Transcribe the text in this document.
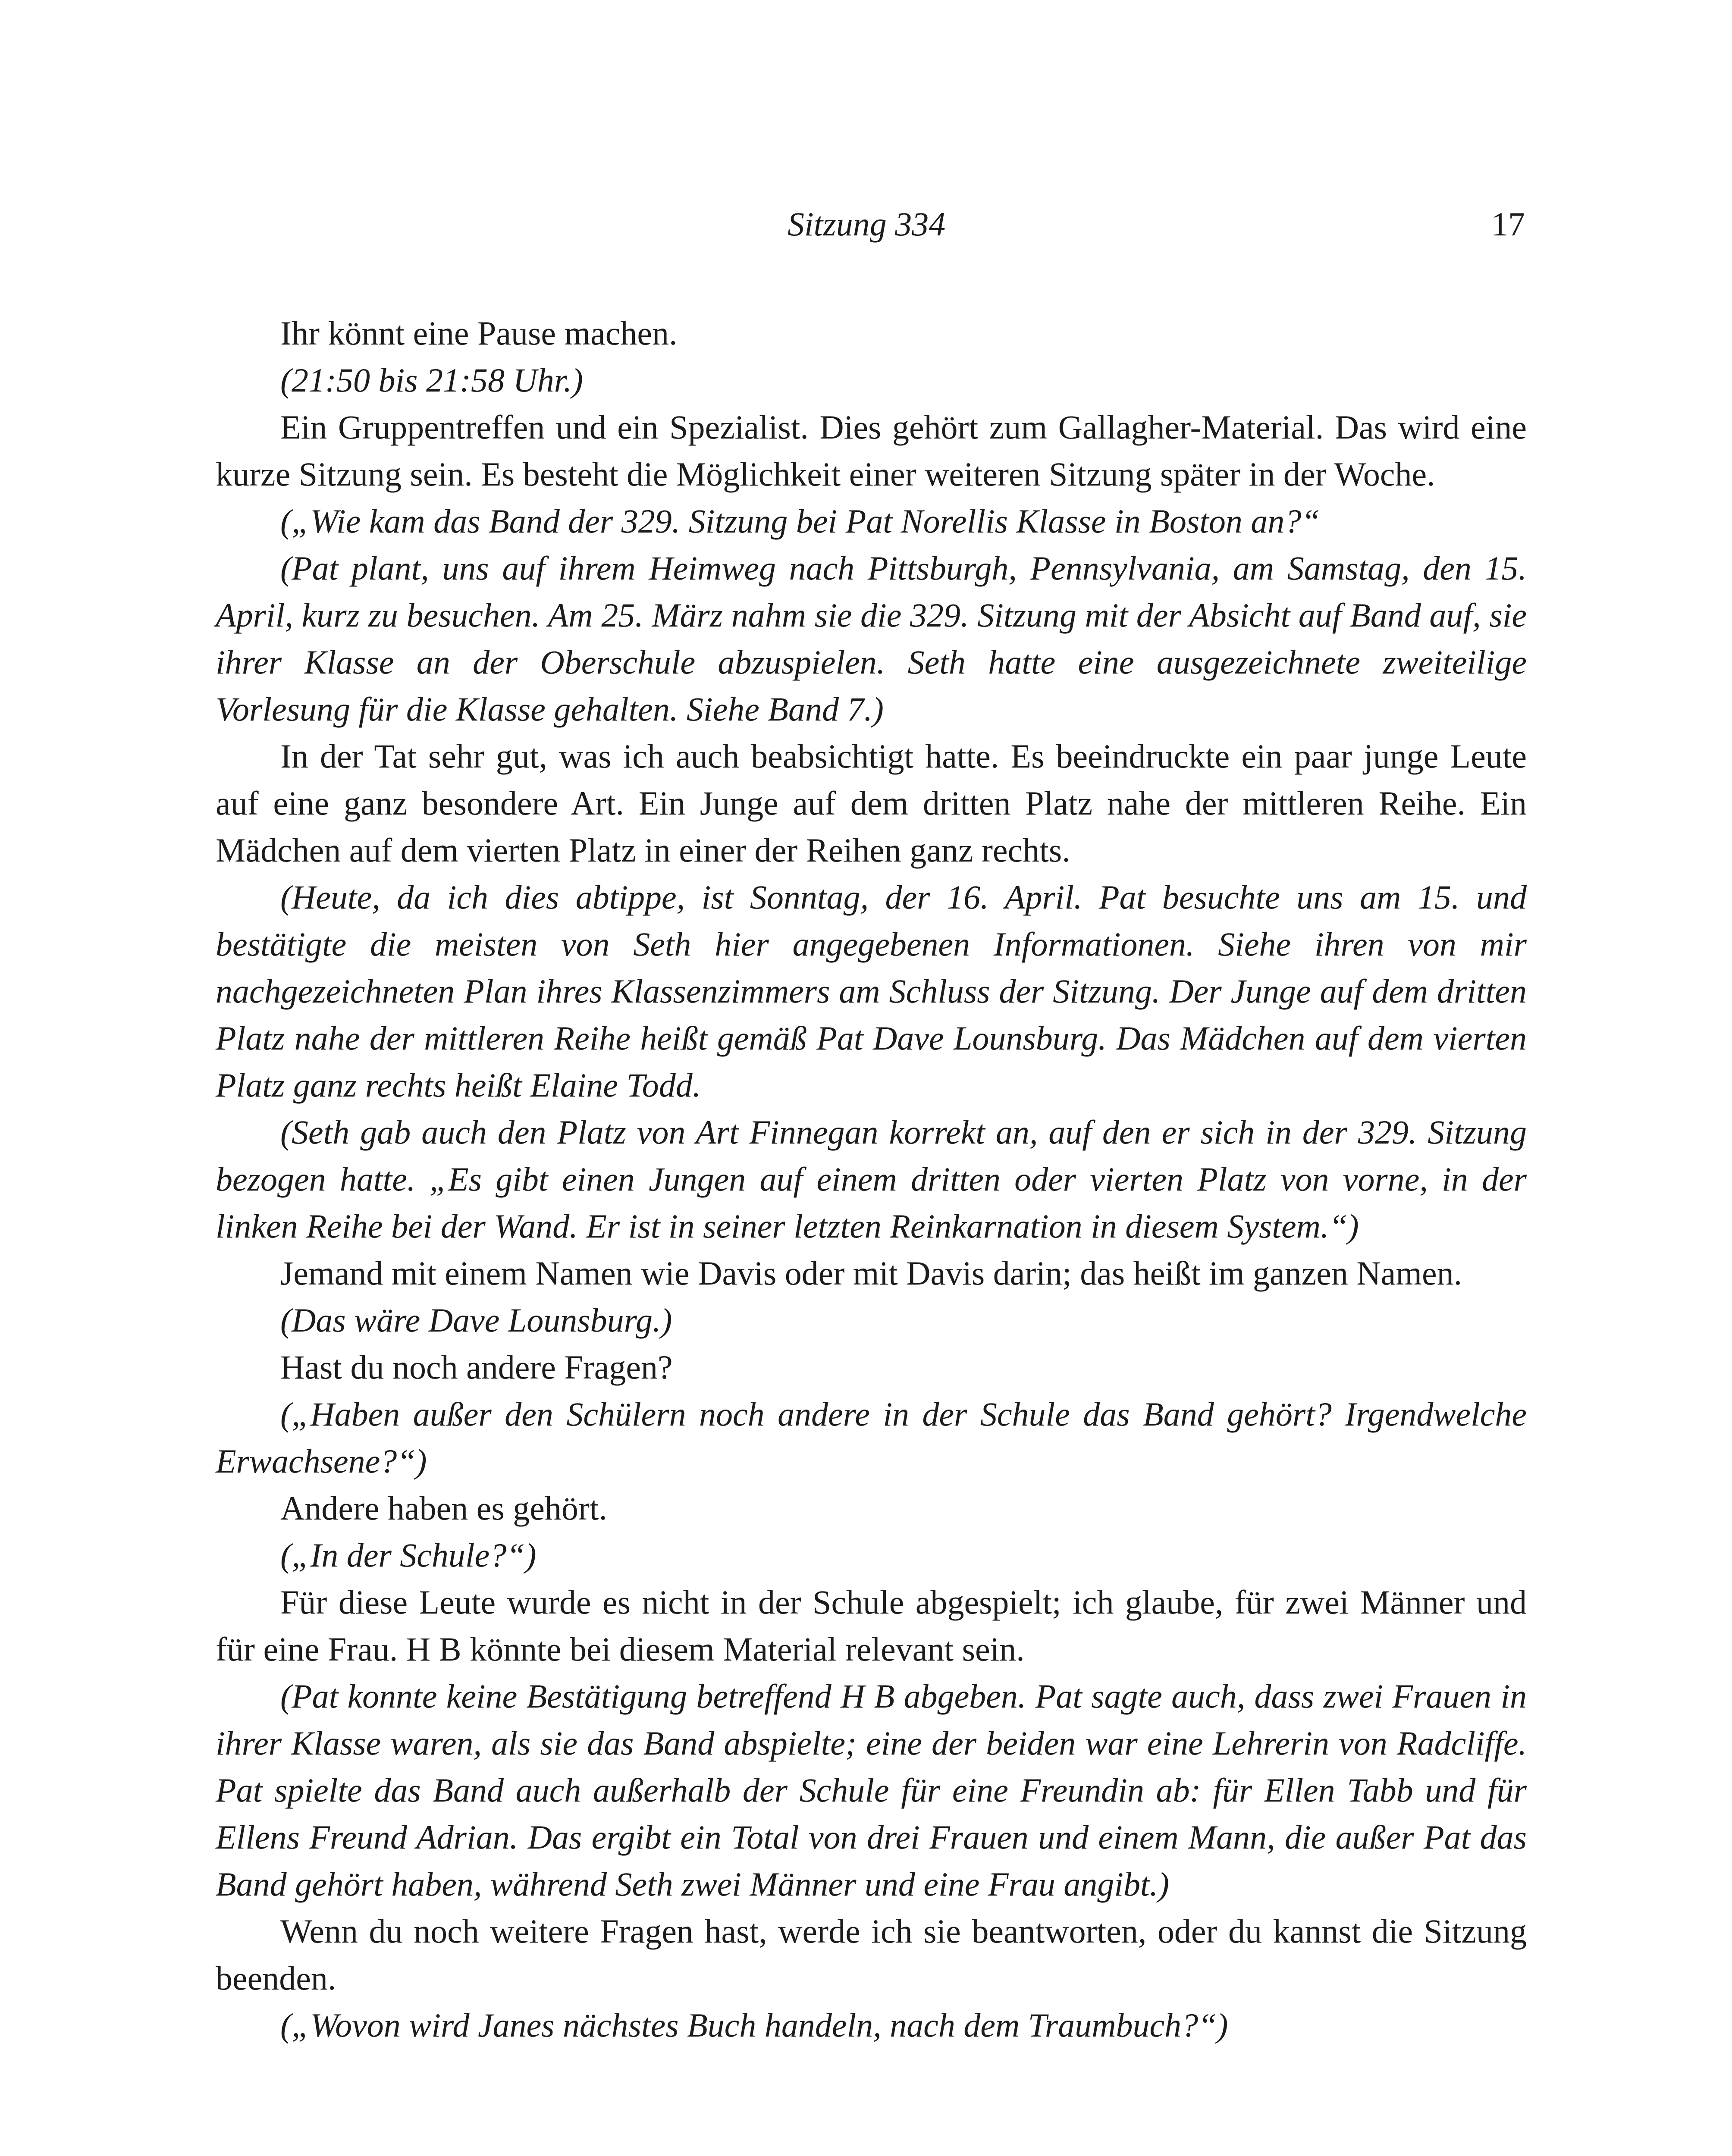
Sitzung 334	17

Ihr könnt eine Pause machen.

(21:50 bis 21:58 Uhr.)

Ein Gruppentreffen und ein Spezialist. Dies gehört zum Gallagher-Material. Das wird eine kurze Sitzung sein. Es besteht die Möglichkeit einer weiteren Sitzung später in der Woche.

(„Wie kam das Band der 329. Sitzung bei Pat Norellis Klasse in Boston an?“

(Pat plant, uns auf ihrem Heimweg nach Pittsburgh, Pennsylvania, am Samstag, den 15. April, kurz zu besuchen. Am 25. März nahm sie die 329. Sitzung mit der Absicht auf Band auf, sie ihrer Klasse an der Oberschule abzuspielen. Seth hatte eine ausgezeichnete zweiteilige Vorlesung für die Klasse gehalten. Siehe Band 7.)

In der Tat sehr gut, was ich auch beabsichtigt hatte. Es beeindruckte ein paar junge Leute auf eine ganz besondere Art. Ein Junge auf dem dritten Platz nahe der mittleren Reihe. Ein Mädchen auf dem vierten Platz in einer der Reihen ganz rechts.

(Heute, da ich dies abtippe, ist Sonntag, der 16. April. Pat besuchte uns am 15. und bestätigte die meisten von Seth hier angegebenen Informationen. Siehe ihren von mir nachgezeichneten Plan ihres Klassenzimmers am Schluss der Sitzung. Der Junge auf dem dritten Platz nahe der mittleren Reihe heißt gemäß Pat Dave Lounsburg. Das Mädchen auf dem vierten Platz ganz rechts heißt Elaine Todd.

(Seth gab auch den Platz von Art Finnegan korrekt an, auf den er sich in der 329. Sitzung bezogen hatte. „Es gibt einen Jungen auf einem dritten oder vierten Platz von vorne, in der linken Reihe bei der Wand. Er ist in seiner letzten Reinkarnation in diesem System.“)

Jemand mit einem Namen wie Davis oder mit Davis darin; das heißt im ganzen Namen.

(Das wäre Dave Lounsburg.)

Hast du noch andere Fragen?

(„Haben außer den Schülern noch andere in der Schule das Band gehört? Irgendwelche Erwachsene?“)

Andere haben es gehört.

(„In der Schule?“)

Für diese Leute wurde es nicht in der Schule abgespielt; ich glaube, für zwei Männer und für eine Frau. H B könnte bei diesem Material relevant sein.

(Pat konnte keine Bestätigung betreffend H B abgeben. Pat sagte auch, dass zwei Frauen in ihrer Klasse waren, als sie das Band abspielte; eine der beiden war eine Lehrerin von Radcliffe. Pat spielte das Band auch außerhalb der Schule für eine Freundin ab: für Ellen Tabb und für Ellens Freund Adrian. Das ergibt ein Total von drei Frauen und einem Mann, die außer Pat das Band gehört haben, während Seth zwei Männer und eine Frau angibt.)

Wenn du noch weitere Fragen hast, werde ich sie beantworten, oder du kannst die Sitzung beenden.

(„Wovon wird Janes nächstes Buch handeln, nach dem Traumbuch?“)
